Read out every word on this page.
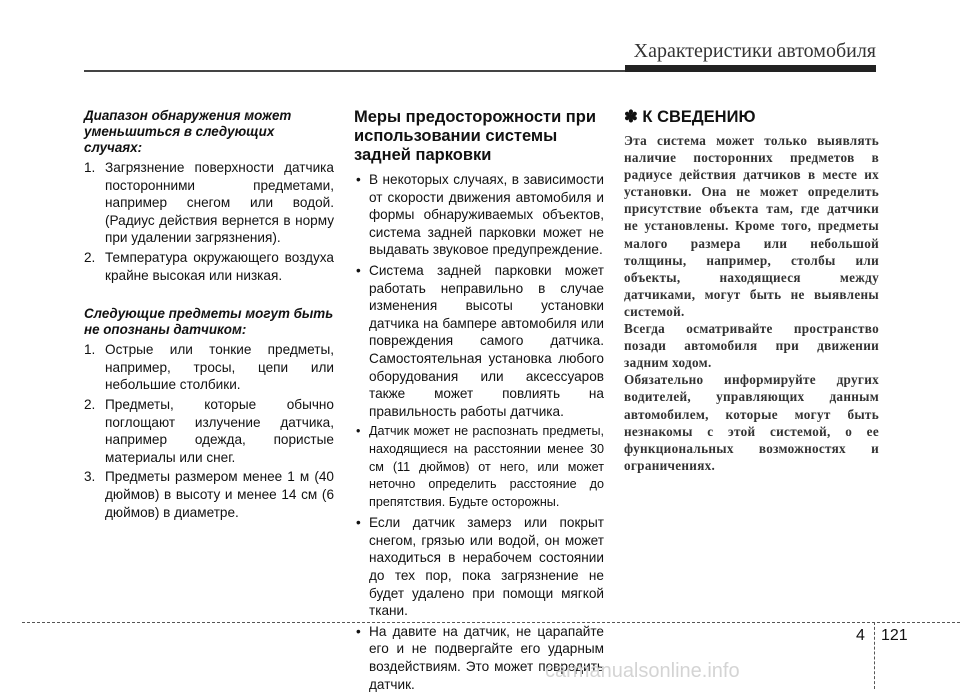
Характеристики автомобиля

Диапазон обнаружения может уменьшиться в следующих случаях:

1. Загрязнение поверхности датчика посторонними предметами, например снегом или водой. (Радиус действия вернется в норму при удалении загрязнения).
2. Температура окружающего воздуха крайне высокая или низкая.

Следующие предметы могут быть не опознаны датчиком:

1. Острые или тонкие предметы, например, тросы, цепи или небольшие столбики.
2. Предметы, которые обычно поглощают излучение датчика, например одежда, пористые материалы или снег.
3. Предметы размером менее 1 м (40 дюймов) в высоту и менее 14 см (6 дюймов) в диаметре.
Меры предосторожности при использовании системы задней парковки
• В некоторых случаях, в зависимости от скорости движения автомобиля и формы обнаруживаемых объектов, система задней парковки может не выдавать звуковое предупреждение.
• Система задней парковки может работать неправильно в случае изменения высоты установки датчика на бампере автомобиля или повреждения самого датчика. Самостоятельная установка любого оборудования или аксессуаров также может повлиять на правильность работы датчика.
• Датчик может не распознать предметы, находящиеся на расстоянии менее 30 см (11 дюймов) от него, или может неточно определить расстояние до препятствия. Будьте осторожны.
• Если датчик замерз или покрыт снегом, грязью или водой, он может находиться в нерабочем состоянии до тех пор, пока загрязнение не будет удалено при помощи мягкой ткани.
• На давите на датчик, не царапайте его и не подвергайте его ударным воздействиям. Это может повредить датчик.
✽ К СВЕДЕНИЮ

Эта система может только выявлять наличие посторонних предметов в радиусе действия датчиков в месте их установки. Она не может определить присутствие объекта там, где датчики не установлены. Кроме того, предметы малого размера или небольшой толщины, например, столбы или объекты, находящиеся между датчиками, могут быть не выявлены системой.

Всегда осматривайте пространство позади автомобиля при движении задним ходом.

Обязательно информируйте других водителей, управляющих данным автомобилем, которые могут быть незнакомы с этой системой, о ее функциональных возможностях и ограничениях.

4 121
carmanualsonline.info
